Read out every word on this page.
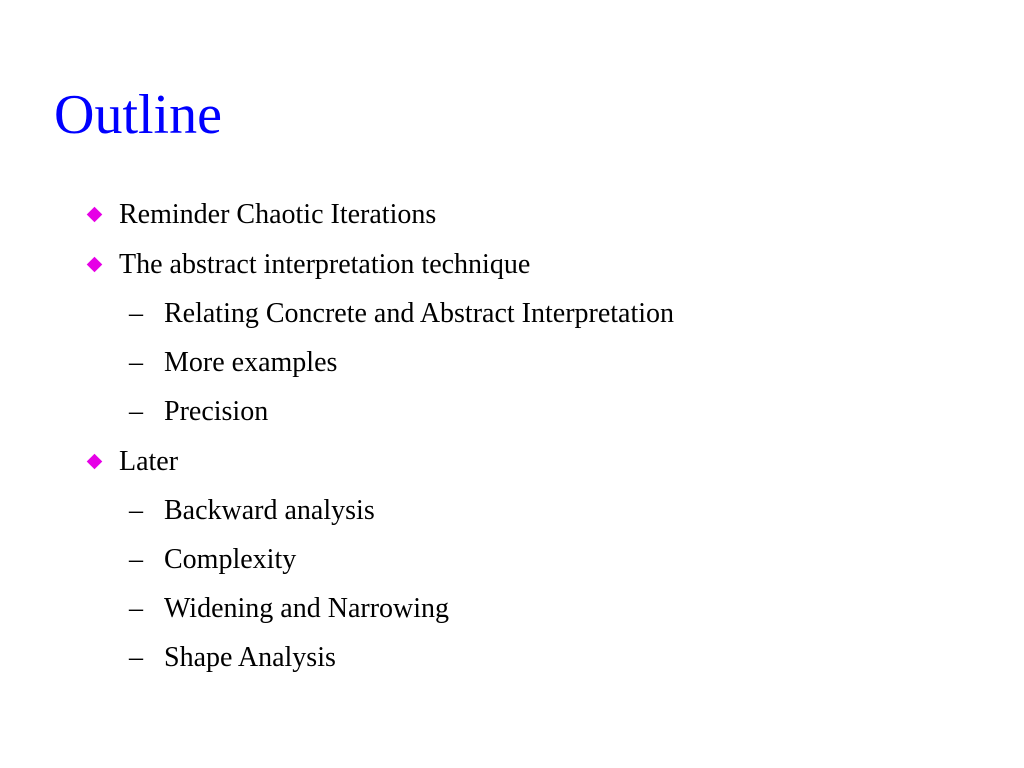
Outline
Reminder Chaotic Iterations
The abstract interpretation technique
– Relating Concrete and Abstract Interpretation
– More examples
– Precision
Later
– Backward analysis
– Complexity
– Widening and Narrowing
– Shape Analysis
